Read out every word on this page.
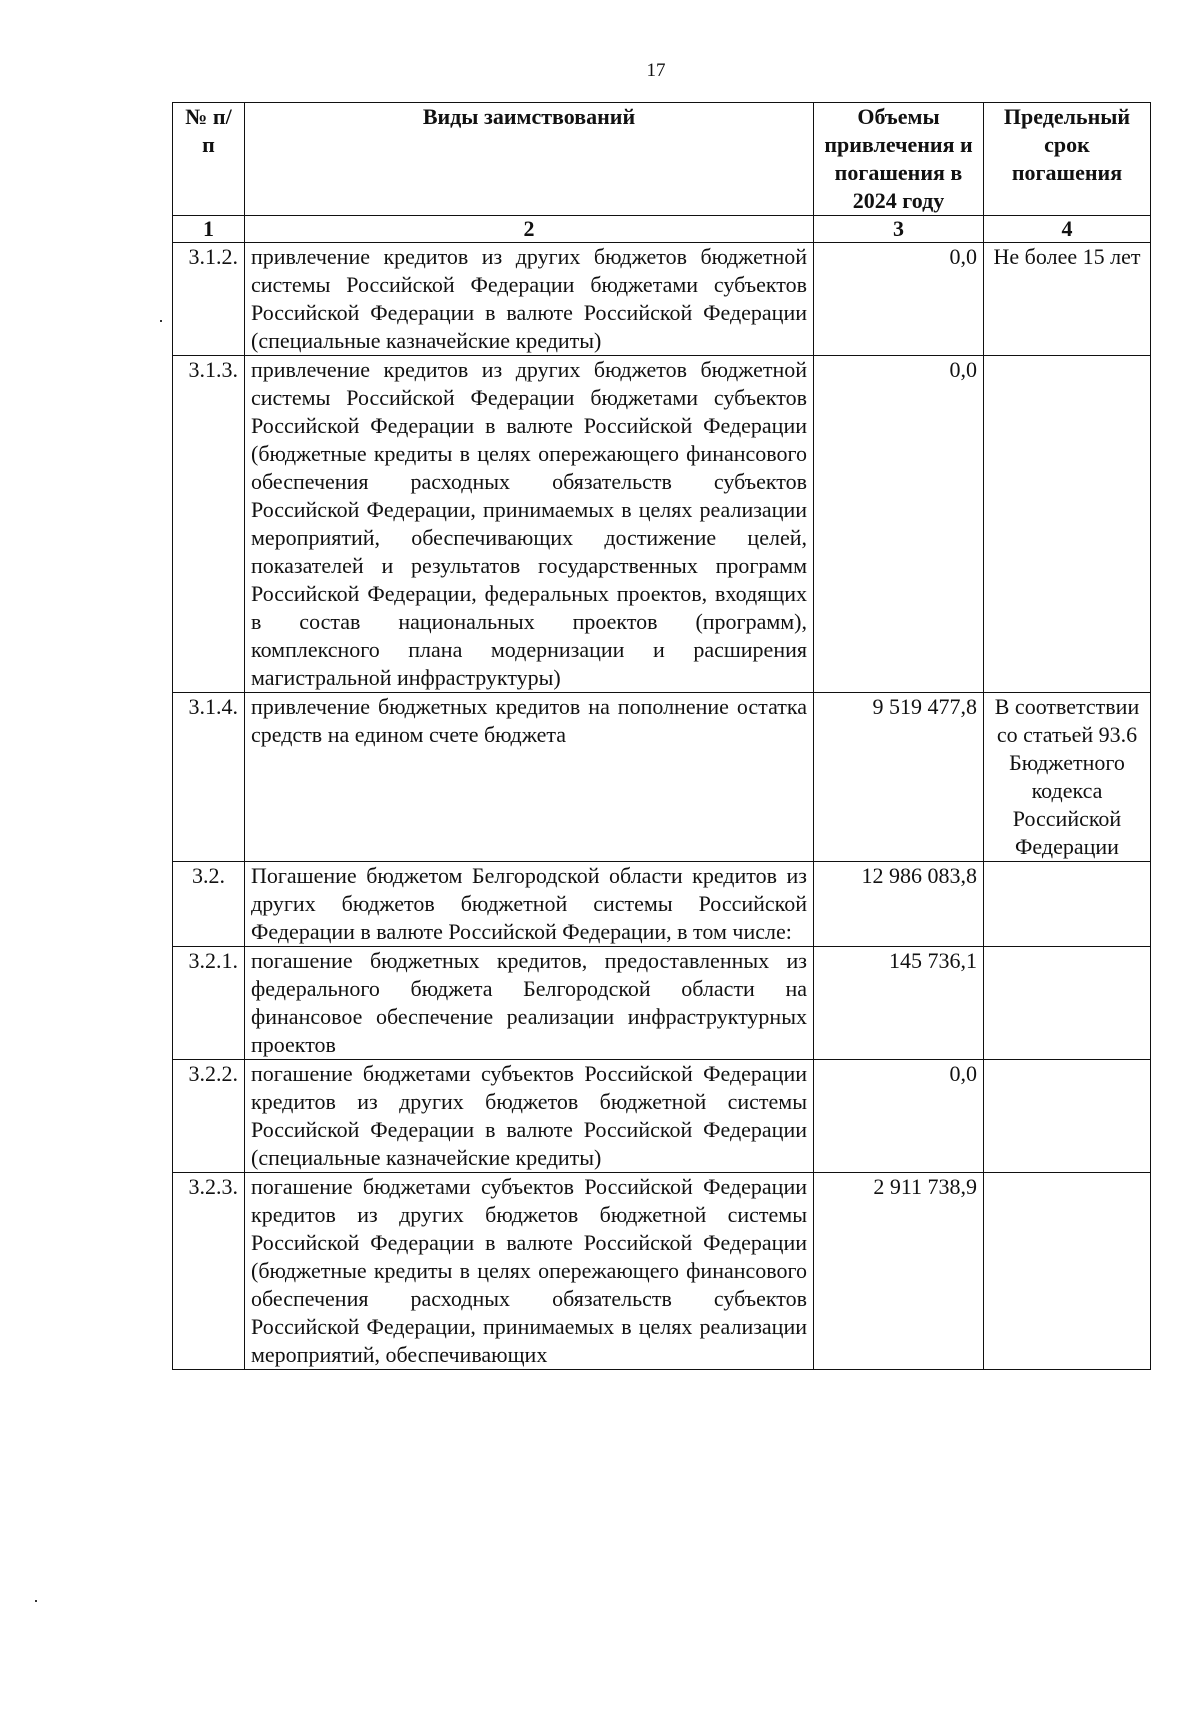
17
№ п/п	Виды заимствований	Объемы привлечения и погашения в 2024 году	Предельный срок погашения
1	2	3	4
3.1.2.	привлечение кредитов из других бюджетов бюджетной системы Российской Федерации бюджетами субъектов Российской Федерации в валюте Российской Федерации (специальные казначейские кредиты)	0,0	Не более 15 лет
3.1.3.	привлечение кредитов из других бюджетов бюджетной системы Российской Федерации бюджетами субъектов Российской Федерации в валюте Российской Федерации (бюджетные кредиты в целях опережающего финансового обеспечения расходных обязательств субъектов Российской Федерации, принимаемых в целях реализации мероприятий, обеспечивающих достижение целей, показателей и результатов государственных программ Российской Федерации, федеральных проектов, входящих в состав национальных проектов (программ), комплексного плана модернизации и расширения магистральной инфраструктуры)	0,0	
3.1.4.	привлечение бюджетных кредитов на пополнение остатка средств на едином счете бюджета	9 519 477,8	В соответствии со статьей 93.6 Бюджетного кодекса Российской Федерации
3.2.	Погашение бюджетом Белгородской области кредитов из других бюджетов бюджетной системы Российской Федерации в валюте Российской Федерации, в том числе:	12 986 083,8	
3.2.1.	погашение бюджетных кредитов, предоставленных из федерального бюджета Белгородской области на финансовое обеспечение реализации инфраструктурных проектов	145 736,1	
3.2.2.	погашение бюджетами субъектов Российской Федерации кредитов из других бюджетов бюджетной системы Российской Федерации в валюте Российской Федерации (специальные казначейские кредиты)	0,0	
3.2.3.	погашение бюджетами субъектов Российской Федерации кредитов из других бюджетов бюджетной системы Российской Федерации в валюте Российской Федерации (бюджетные кредиты в целях опережающего финансового обеспечения расходных обязательств субъектов Российской Федерации, принимаемых в целях реализации мероприятий, обеспечивающих	2 911 738,9	
